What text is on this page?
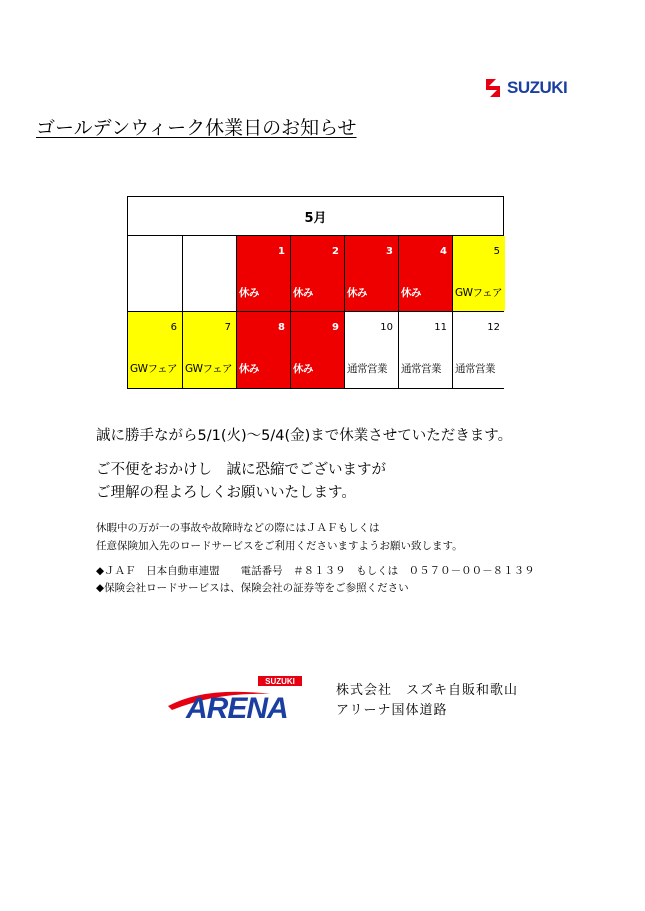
SUZUKI
ゴールデンウィーク休業日のお知らせ
5月
1
休み
2
休み
3
休み
4
休み
5
GWフェア
6
GWフェア
7
GWフェア
8
休み
9
休み
10
通常営業
11
通常営業
12
通常営業
誠に勝手ながら5/1(火)～5/4(金)まで休業させていただきます。
ご不便をおかけし　誠に恐縮でございますが
ご理解の程よろしくお願いいたします。
休暇中の万が一の事故や故障時などの際にはＪＡＦもしくは
任意保険加入先のロードサービスをご利用くださいますようお願い致します。
◆ＪＡＦ　日本自動車連盟　　電話番号　＃８１３９　もしくは　０５７０－００－８１３９
◆保険会社ロードサービスは、保険会社の証券等をご参照ください
SUZUKI
ARENA
株式会社　スズキ自販和歌山
アリーナ国体道路
